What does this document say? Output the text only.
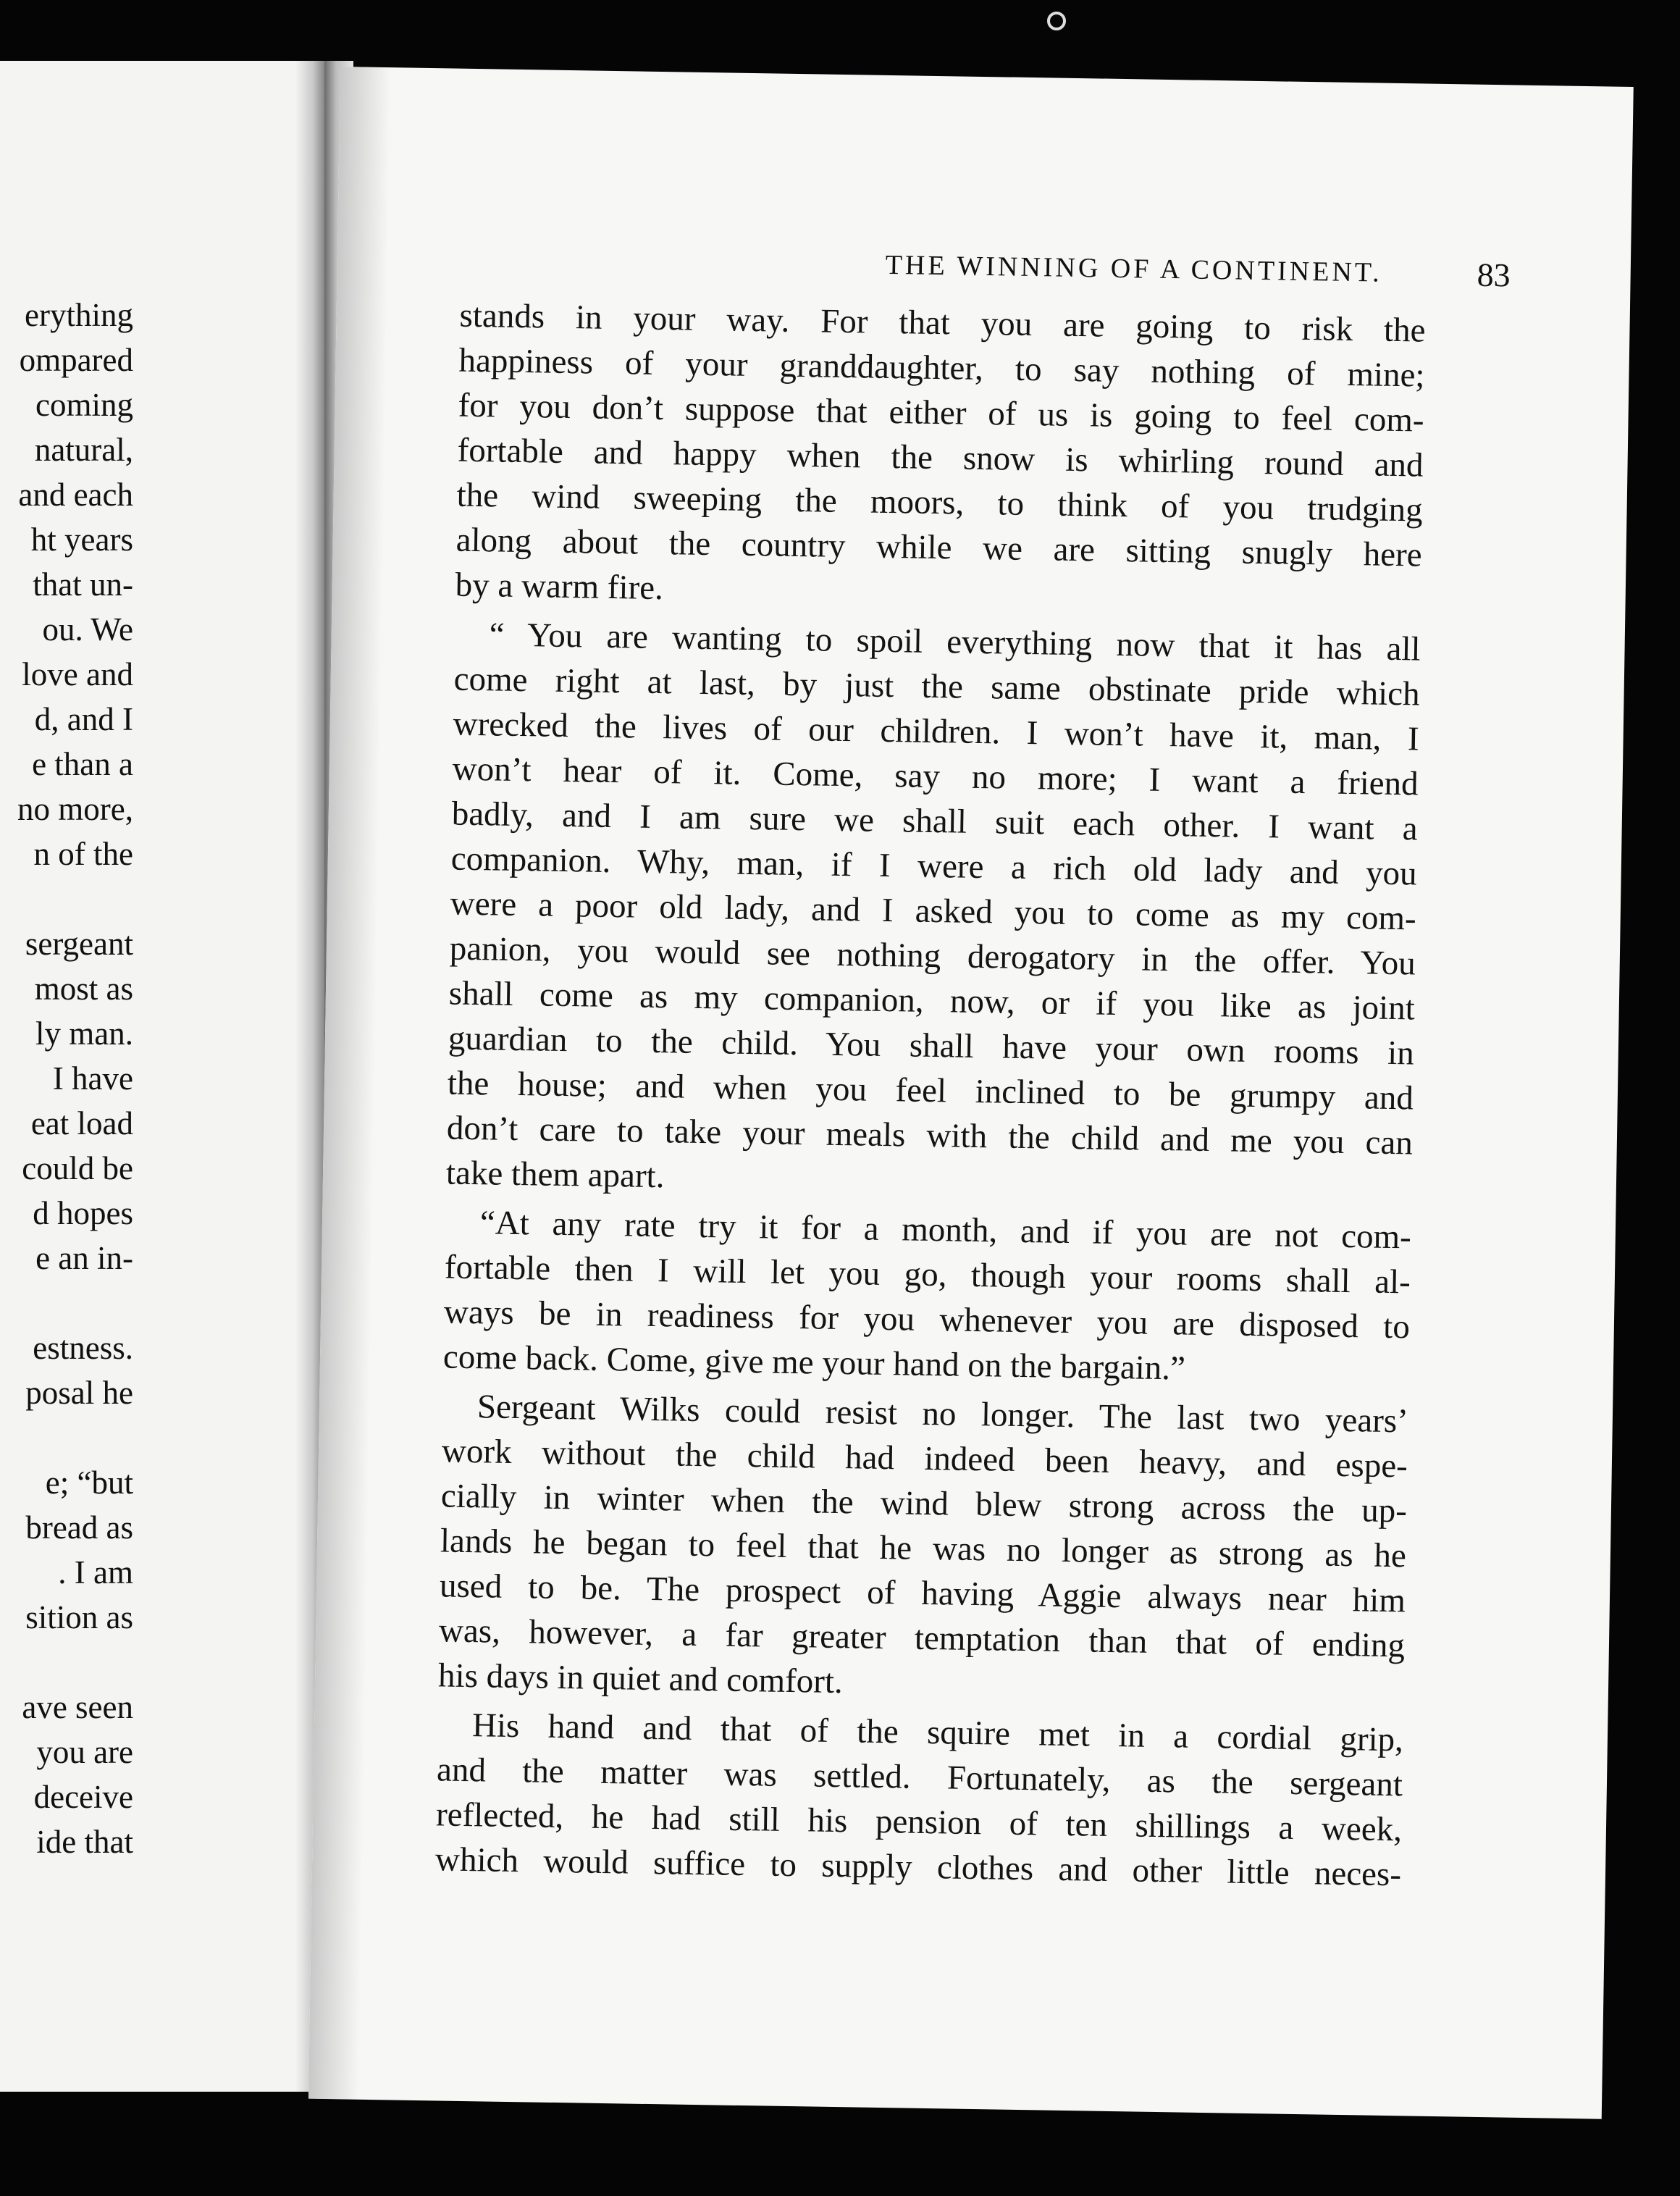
erything
ompared
coming
natural,
and each
ht years
that un-
ou. We
love and
d, and I
e than a
no more,
n of the
sergeant
most as
ly man.
I have
eat load
could be
d hopes
e an in-
estness.
posal he
e; “but
bread as
. I am
sition as
ave seen
you are
deceive
ide that
THE WINNING OF A CONTINENT.	83
stands in your way. For that you are going to risk the
happiness of your granddaughter, to say nothing of mine;
for you don’t suppose that either of us is going to feel com-
fortable and happy when the snow is whirling round and
the wind sweeping the moors, to think of you trudging
along about the country while we are sitting snugly here
by a warm fire.
“ You are wanting to spoil everything now that it has all
come right at last, by just the same obstinate pride which
wrecked the lives of our children. I won’t have it, man, I
won’t hear of it. Come, say no more; I want a friend
badly, and I am sure we shall suit each other. I want a
companion. Why, man, if I were a rich old lady and you
were a poor old lady, and I asked you to come as my com-
panion, you would see nothing derogatory in the offer. You
shall come as my companion, now, or if you like as joint
guardian to the child. You shall have your own rooms in
the house; and when you feel inclined to be grumpy and
don’t care to take your meals with the child and me you can
take them apart.
“At any rate try it for a month, and if you are not com-
fortable then I will let you go, though your rooms shall al-
ways be in readiness for you whenever you are disposed to
come back. Come, give me your hand on the bargain.”
Sergeant Wilks could resist no longer. The last two years’
work without the child had indeed been heavy, and espe-
cially in winter when the wind blew strong across the up-
lands he began to feel that he was no longer as strong as he
used to be. The prospect of having Aggie always near him
was, however, a far greater temptation than that of ending
his days in quiet and comfort.
His hand and that of the squire met in a cordial grip,
and the matter was settled. Fortunately, as the sergeant
reflected, he had still his pension of ten shillings a week,
which would suffice to supply clothes and other little neces-
